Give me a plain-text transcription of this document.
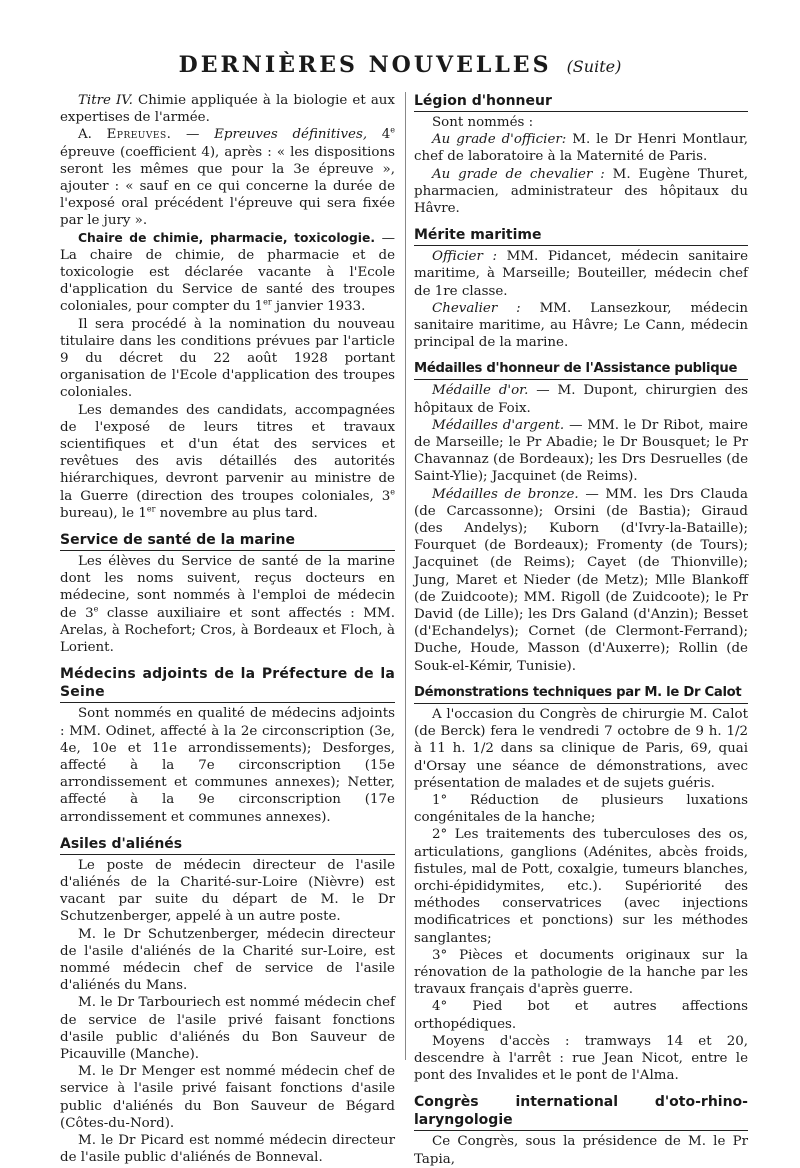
DERNIÈRES NOUVELLES (Suite)

Titre IV. Chimie appliquée à la biologie et aux expertises de l'armée.

A. Epreuves. — Epreuves définitives, 4e épreuve (coefficient 4), après : « les dispositions seront les mêmes que pour la 3e épreuve », ajouter : « sauf en ce qui concerne la durée de l'exposé oral précédent l'épreuve qui sera fixée par le jury ».

Chaire de chimie, pharmacie, toxicologie. — La chaire de chimie, de pharmacie et de toxicologie est déclarée vacante à l'Ecole d'application du Service de santé des troupes coloniales, pour compter du 1er janvier 1933.

Il sera procédé à la nomination du nouveau titulaire dans les conditions prévues par l'article 9 du décret du 22 août 1928 portant organisation de l'Ecole d'application des troupes coloniales.

Les demandes des candidats, accompagnées de l'exposé de leurs titres et travaux scientifiques et d'un état des services et revêtues des avis détaillés des autorités hiérarchiques, devront parvenir au ministre de la Guerre (direction des troupes coloniales, 3e bureau), le 1er novembre au plus tard.

Service de santé de la marine

Les élèves du Service de santé de la marine dont les noms suivent, reçus docteurs en médecine, sont nommés à l'emploi de médecin de 3e classe auxiliaire et sont affectés : MM. Arelas, à Rochefort; Cros, à Bordeaux et Floch, à Lorient.

Médecins adjoints de la Préfecture de la Seine

Sont nommés en qualité de médecins adjoints : MM. Odinet, affecté à la 2e circonscription (3e, 4e, 10e et 11e arrondissements); Desforges, affecté à la 7e circonscription (15e arrondissement et communes annexes); Netter, affecté à la 9e circonscription (17e arrondissement et communes annexes).

Asiles d'aliénés

Le poste de médecin directeur de l'asile d'aliénés de la Charité-sur-Loire (Nièvre) est vacant par suite du départ de M. le Dr Schutzenberger, appelé à un autre poste.

M. le Dr Schutzenberger, médecin directeur de l'asile d'aliénés de la Charité sur-Loire, est nommé médecin chef de service de l'asile d'aliénés du Mans.

M. le Dr Tarbouriech est nommé médecin chef de service de l'asile privé faisant fonctions d'asile public d'aliénés du Bon Sauveur de Picauville (Manche).

M. le Dr Menger est nommé médecin chef de service à l'asile privé faisant fonctions d'asile public d'aliénés du Bon Sauveur de Bégard (Côtes-du-Nord).

M. le Dr Picard est nommé médecin directeur de l'asile public d'aliénés de Bonneval.

Légion d'honneur

Sont nommés :

Au grade d'officier: M. le Dr Henri Montlaur, chef de laboratoire à la Maternité de Paris.

Au grade de chevalier : M. Eugène Thuret, pharmacien, administrateur des hôpitaux du Hâvre.

Mérite maritime

Officier : MM. Pidancet, médecin sanitaire maritime, à Marseille; Bouteiller, médecin chef de 1re classe.

Chevalier : MM. Lansezkour, médecin sanitaire maritime, au Hâvre; Le Cann, médecin principal de la marine.

Médailles d'honneur de l'Assistance publique

Médaille d'or. — M. Dupont, chirurgien des hôpitaux de Foix.

Médailles d'argent. — MM. le Dr Ribot, maire de Marseille; le Pr Abadie; le Dr Bousquet; le Pr Chavannaz (de Bordeaux); les Drs Desruelles (de Saint-Ylie); Jacquinet (de Reims).

Médailles de bronze. — MM. les Drs Clauda (de Carcassonne); Orsini (de Bastia); Giraud (des Andelys); Kuborn (d'Ivry-la-Bataille); Fourquet (de Bordeaux); Fromenty (de Tours); Jacquinet (de Reims); Cayet (de Thionville); Jung, Maret et Nieder (de Metz); Mlle Blankoff (de Zuidcoote); MM. Rigoll (de Zuidcoote); le Pr David (de Lille); les Drs Galand (d'Anzin); Besset (d'Echandelys); Cornet (de Clermont-Ferrand); Duche, Houde, Masson (d'Auxerre); Rollin (de Souk-el-Kémir, Tunisie).

Démonstrations techniques par M. le Dr Calot

A l'occasion du Congrès de chirurgie M. Calot (de Berck) fera le vendredi 7 octobre de 9 h. 1/2 à 11 h. 1/2 dans sa clinique de Paris, 69, quai d'Orsay une séance de démonstrations, avec présentation de malades et de sujets guéris.

1° Réduction de plusieurs luxations congénitales de la hanche;

2° Les traitements des tuberculoses des os, articulations, ganglions (Adénites, abcès froids, fistules, mal de Pott, coxalgie, tumeurs blanches, orchi-épididymites, etc.). Supériorité des méthodes conservatrices (avec injections modificatrices et ponctions) sur les méthodes sanglantes;

3° Pièces et documents originaux sur la rénovation de la pathologie de la hanche par les travaux français d'après guerre.

4° Pied bot et autres affections orthopédiques.

Moyens d'accès : tramways 14 et 20, descendre à l'arrêt : rue Jean Nicot, entre le pont des Invalides et le pont de l'Alma.

Congrès international d'oto-rhino-laryngologie

Ce Congrès, sous la présidence de M. le Pr Tapia,
